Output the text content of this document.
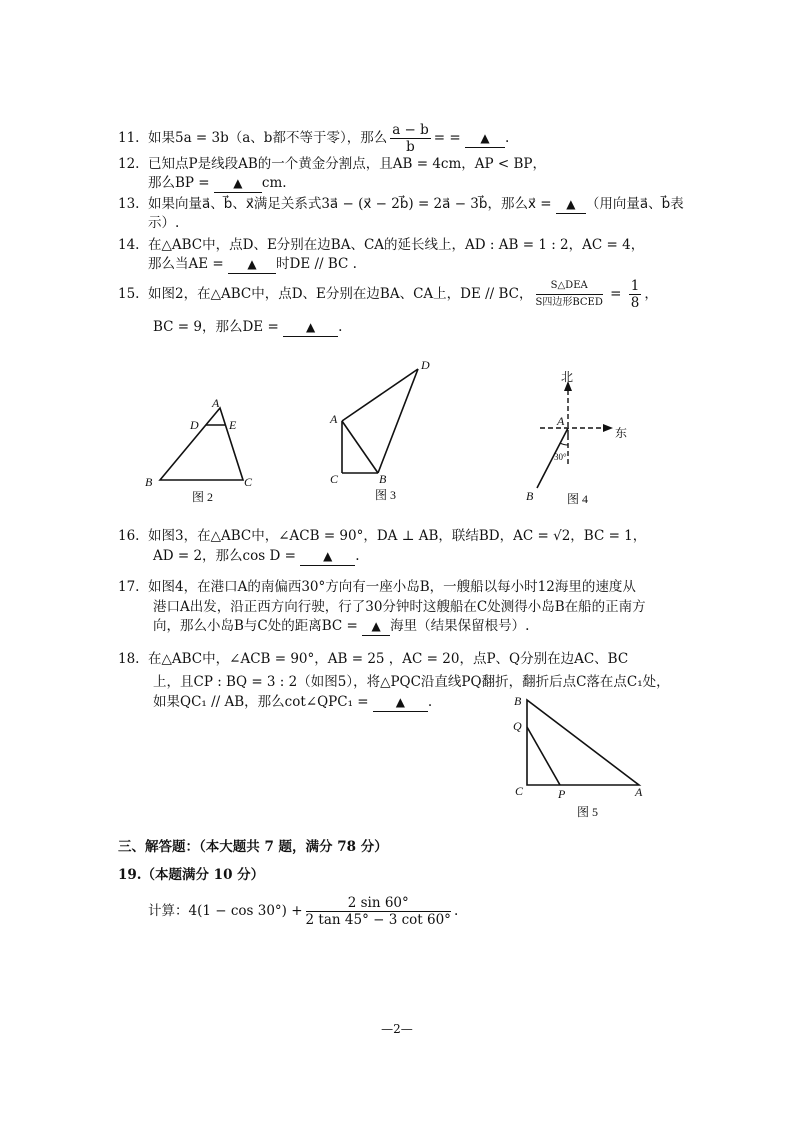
11. 如果5a = 3b（a、b都不等于零），那么 $\frac{a - b}{b}$ = = ▲ .
12. 已知点P是线段AB的一个黄金分割点，且AB = 4cm，AP < BP，
那么BP = ▲ cm.
13. 如果向量a⃗、b⃗、x⃗满足关系式3a⃗ − (x⃗ − 2b⃗) = 2a⃗ − 3b⃗，那么x⃗ = ▲ （用向量a⃗、b⃗表
示）.
14. 在△ABC中，点D、E分别在边BA、CA的延长线上，AD : AB = 1 : 2，AC = 4，
那么当AE = ▲ 时DE // BC .
15. 如图2，在△ABC中，点D、E分别在边BA、CA上，DE // BC， $\frac{\text{S△DEA}}{\text{S四边形BCED}} = \frac{1}{8}$ ，
BC = 9，那么DE = ▲ .
A
D	E
B	C
图 2
D
A
C	B
图 3
北
东
A
30°
B	图 4
16. 如图3，在△ABC中，∠ACB = 90°，DA ⊥ AB，联结BD，AC = √2，BC = 1，
AD = 2，那么cos D = ▲ .
17. 如图4，在港口A的南偏西30°方向有一座小岛B，一艘船以每小时12海里的速度从
港口A出发，沿正西方向行驶，行了30分钟时这艘船在C处测得小岛B在船的正南方
向，那么小岛B与C处的距离BC = ▲ 海里（结果保留根号）.
18. 在△ABC中，∠ACB = 90°，AB = 25 ，AC = 20，点P、Q分别在边AC、BC
上，且CP : BQ = 3 : 2（如图5），将△PQC沿直线PQ翻折，翻折后点C落在点C₁处，
如果QC₁ // AB，那么cot∠QPC₁ = ▲ .	B
Q
C	P	A
图 5
三、解答题：（本大题共 7 题，满分 78 分）
19.（本题满分 10 分）
计算：$4(1 - \cos 30^\circ) + \frac{2 \sin 60^\circ}{2 \tan 45^\circ - 3 \cot 60^\circ}$ .
—2—
